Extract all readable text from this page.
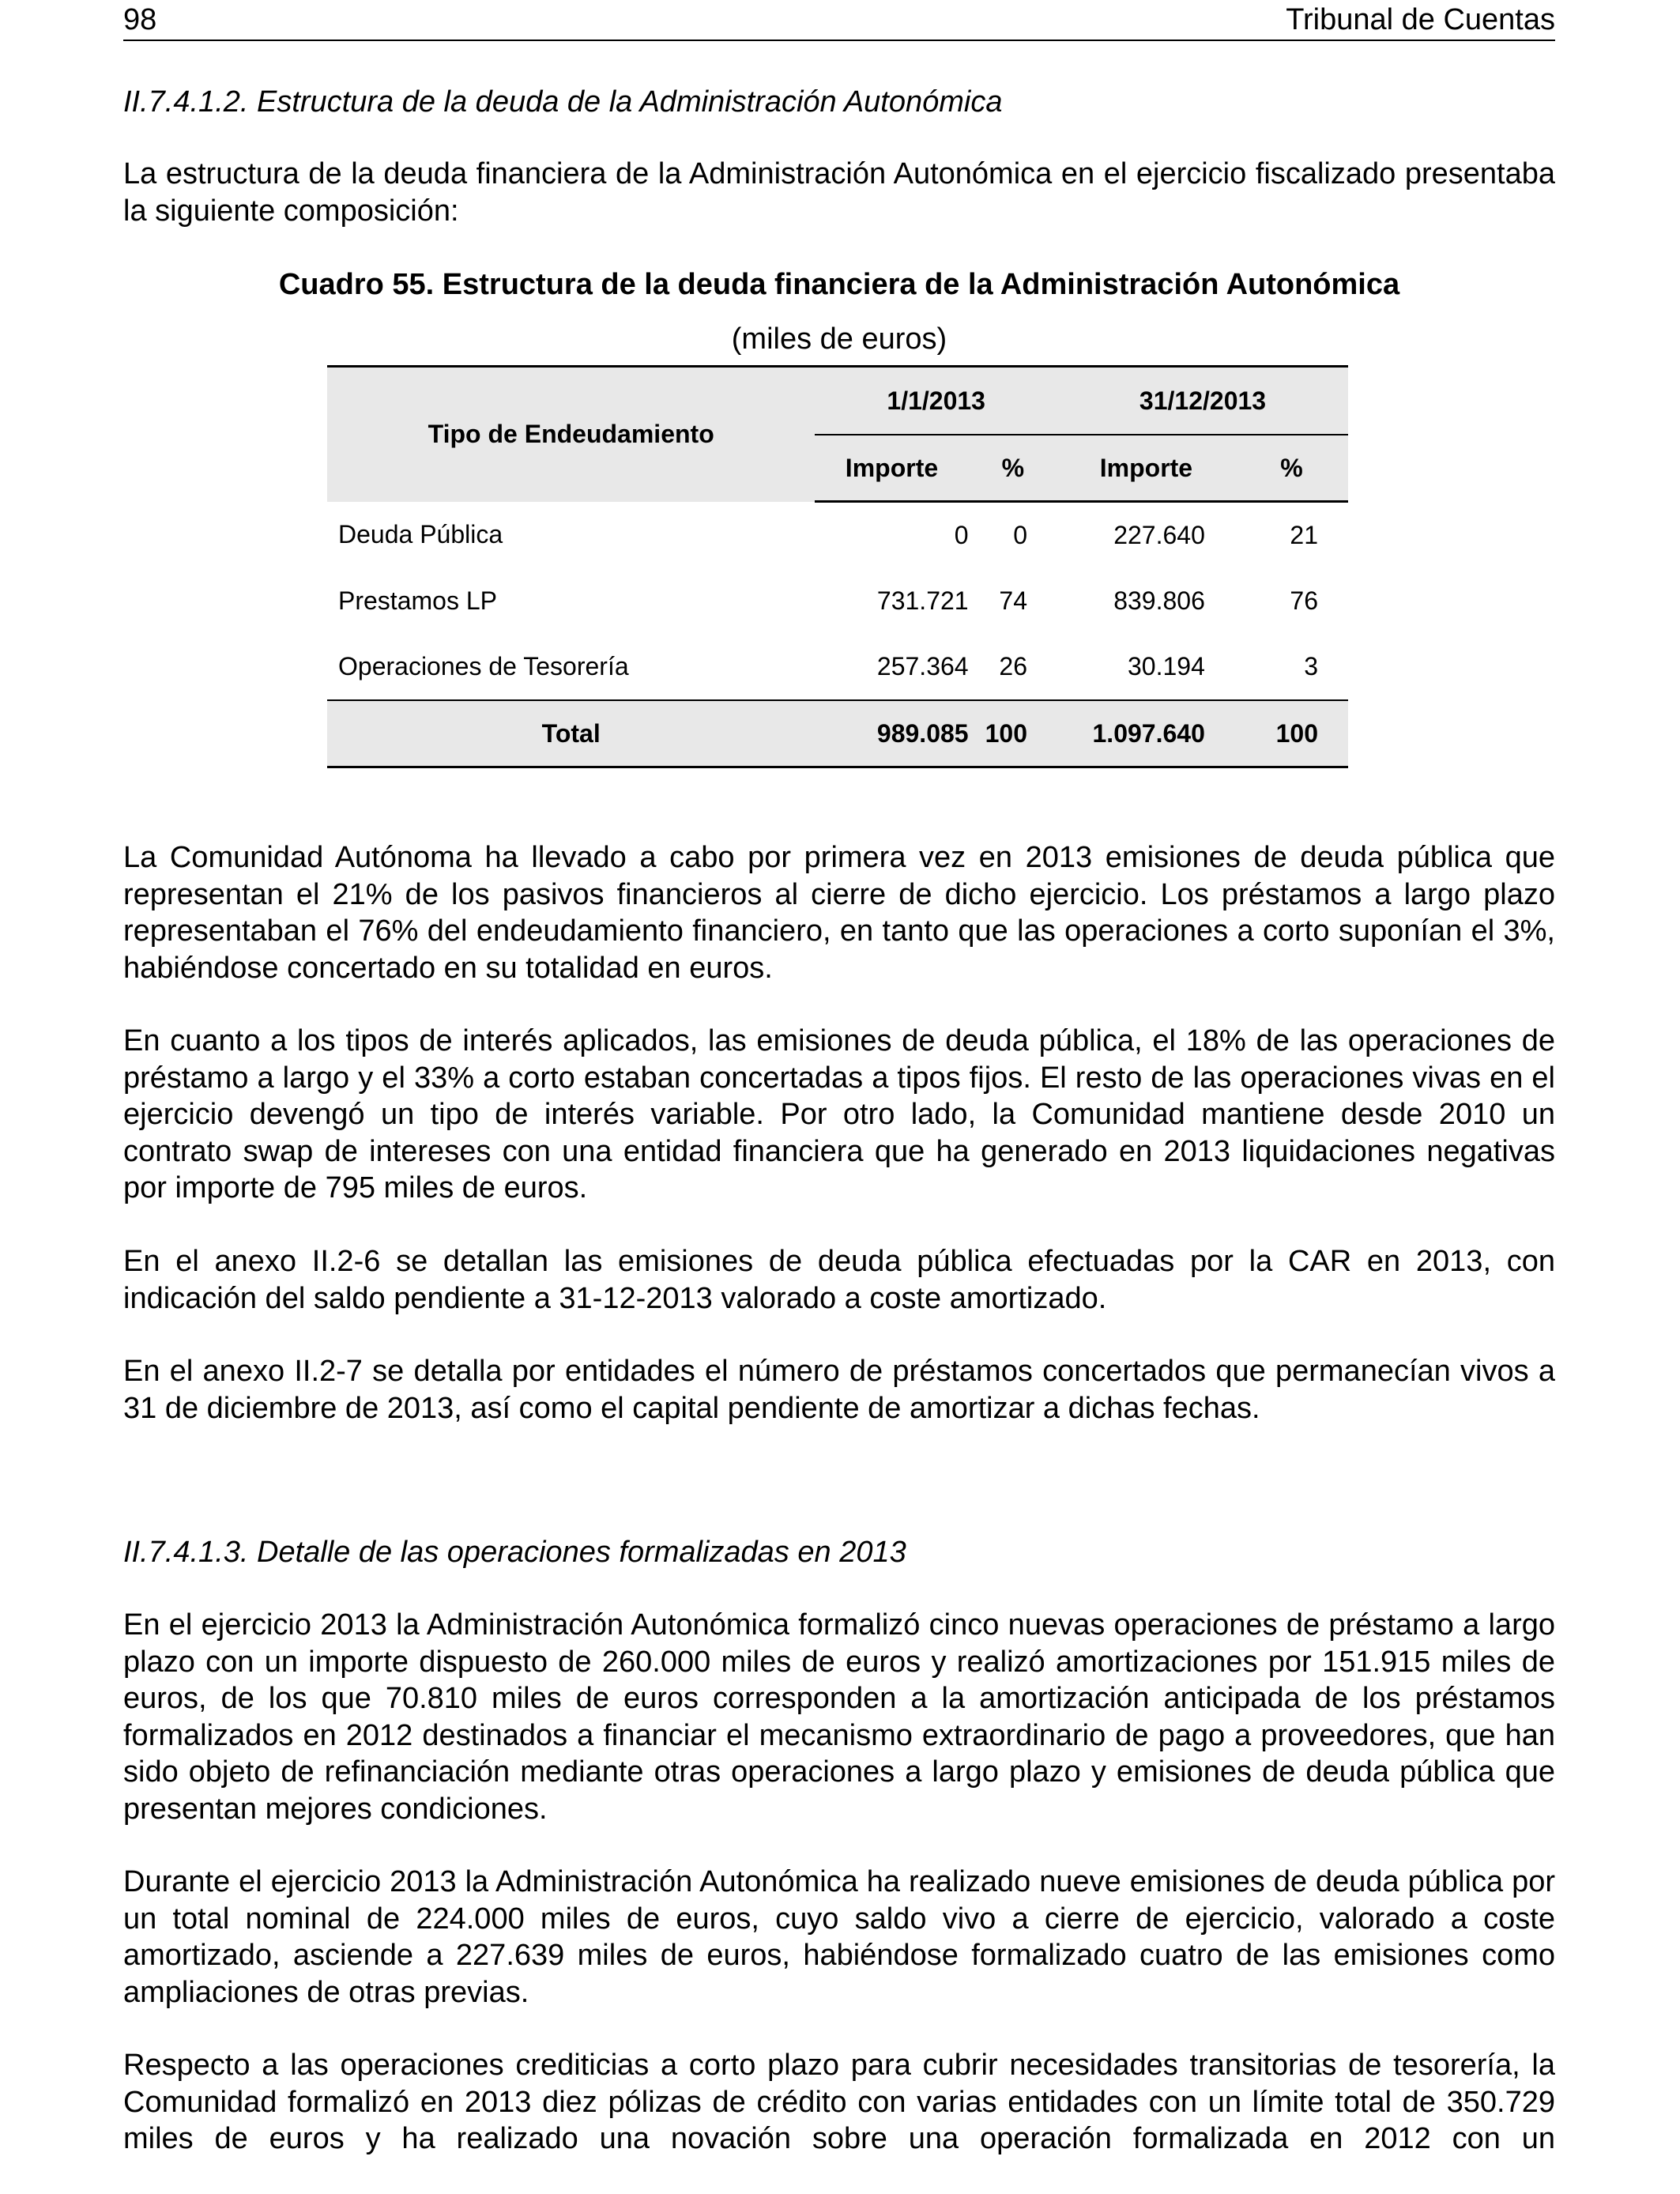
98	Tribunal de Cuentas
II.7.4.1.2. Estructura de la deuda de la Administración Autonómica

La estructura de la deuda financiera de la Administración Autonómica en el ejercicio fiscalizado presentaba la siguiente composición:

Cuadro 55. Estructura de la deuda financiera de la Administración Autonómica
(miles de euros)
Tipo de Endeudamiento	1/1/2013		31/12/2013	
	Importe	%	Importe	%
Deuda Pública	0	0	227.640	21
Prestamos LP	731.721	74	839.806	76
Operaciones de Tesorería	257.364	26	30.194	3
Total	989.085	100	1.097.640	100

La Comunidad Autónoma ha llevado a cabo por primera vez en 2013 emisiones de deuda pública que representan el 21% de los pasivos financieros al cierre de dicho ejercicio. Los préstamos a largo plazo representaban el 76% del endeudamiento financiero, en tanto que las operaciones a corto suponían el 3%, habiéndose concertado en su totalidad en euros.

En cuanto a los tipos de interés aplicados, las emisiones de deuda pública, el 18% de las operaciones de préstamo a largo y el 33% a corto estaban concertadas a tipos fijos. El resto de las operaciones vivas en el ejercicio devengó un tipo de interés variable. Por otro lado, la Comunidad mantiene desde 2010 un contrato swap de intereses con una entidad financiera que ha generado en 2013 liquidaciones negativas por importe de 795 miles de euros.

En el anexo II.2-6 se detallan las emisiones de deuda pública efectuadas por la CAR en 2013, con indicación del saldo pendiente a 31-12-2013 valorado a coste amortizado.

En el anexo II.2-7 se detalla por entidades el número de préstamos concertados que permanecían vivos a 31 de diciembre de 2013, así como el capital pendiente de amortizar a dichas fechas.

II.7.4.1.3. Detalle de las operaciones formalizadas en 2013

En el ejercicio 2013 la Administración Autonómica formalizó cinco nuevas operaciones de préstamo a largo plazo con un importe dispuesto de 260.000 miles de euros y realizó amortizaciones por 151.915 miles de euros, de los que 70.810 miles de euros corresponden a la amortización anticipada de los préstamos formalizados en 2012 destinados a financiar el mecanismo extraordinario de pago a proveedores, que han sido objeto de refinanciación mediante otras operaciones a largo plazo y emisiones de deuda pública que presentan mejores condiciones.

Durante el ejercicio 2013 la Administración Autonómica ha realizado nueve emisiones de deuda pública por un total nominal de 224.000 miles de euros, cuyo saldo vivo a cierre de ejercicio, valorado a coste amortizado, asciende a 227.639 miles de euros, habiéndose formalizado cuatro de las emisiones como ampliaciones de otras previas.

Respecto a las operaciones crediticias a corto plazo para cubrir necesidades transitorias de tesorería, la Comunidad formalizó en 2013 diez pólizas de crédito con varias entidades con un límite total de 350.729 miles de euros y ha realizado una novación sobre una operación formalizada en 2012 con un
